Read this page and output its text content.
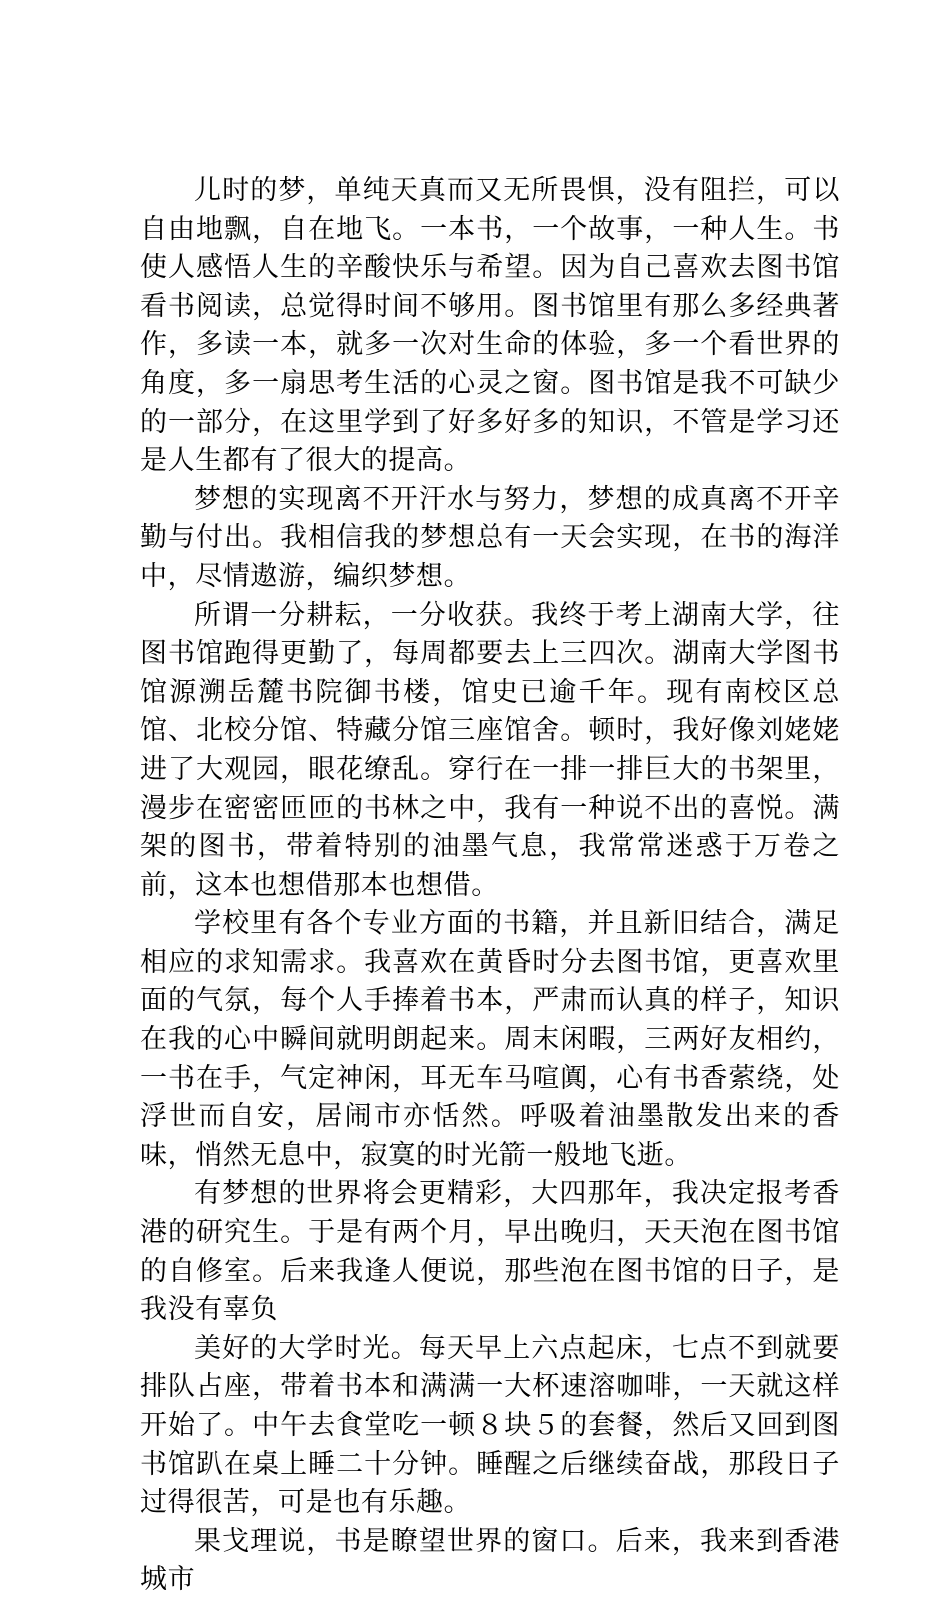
儿时的梦，单纯天真而又无所畏惧，没有阻拦，可以自由地飘，自在地飞。一本书，一个故事，一种人生。书使人感悟人生的辛酸快乐与希望。因为自己喜欢去图书馆看书阅读，总觉得时间不够用。图书馆里有那么多经典著作，多读一本，就多一次对生命的体验，多一个看世界的角度，多一扇思考生活的心灵之窗。图书馆是我不可缺少的一部分，在这里学到了好多好多的知识，不管是学习还是人生都有了很大的提高。

梦想的实现离不开汗水与努力，梦想的成真离不开辛勤与付出。我相信我的梦想总有一天会实现，在书的海洋中，尽情遨游，编织梦想。

所谓一分耕耘，一分收获。我终于考上湖南大学，往图书馆跑得更勤了，每周都要去上三四次。湖南大学图书馆源溯岳麓书院御书楼，馆史已逾千年。现有南校区总馆、北校分馆、特藏分馆三座馆舍。顿时，我好像刘姥姥进了大观园，眼花缭乱。穿行在一排一排巨大的书架里，漫步在密密匝匝的书林之中，我有一种说不出的喜悦。满架的图书，带着特别的油墨气息，我常常迷惑于万卷之前，这本也想借那本也想借。

学校里有各个专业方面的书籍，并且新旧结合，满足相应的求知需求。我喜欢在黄昏时分去图书馆，更喜欢里面的气氛，每个人手捧着书本，严肃而认真的样子，知识在我的心中瞬间就明朗起来。周末闲暇，三两好友相约，一书在手，气定神闲，耳无车马喧阗，心有书香萦绕，处浮世而自安，居闹市亦恬然。呼吸着油墨散发出来的香味，悄然无息中，寂寞的时光箭一般地飞逝。

有梦想的世界将会更精彩，大四那年，我决定报考香港的研究生。于是有两个月，早出晚归，天天泡在图书馆的自修室。后来我逢人便说，那些泡在图书馆的日子，是我没有辜负

美好的大学时光。每天早上六点起床，七点不到就要排队占座，带着书本和满满一大杯速溶咖啡，一天就这样开始了。中午去食堂吃一顿８块５的套餐，然后又回到图书馆趴在桌上睡二十分钟。睡醒之后继续奋战，那段日子过得很苦，可是也有乐趣。

果戈理说，书是瞭望世界的窗口。后来，我来到香港城市
